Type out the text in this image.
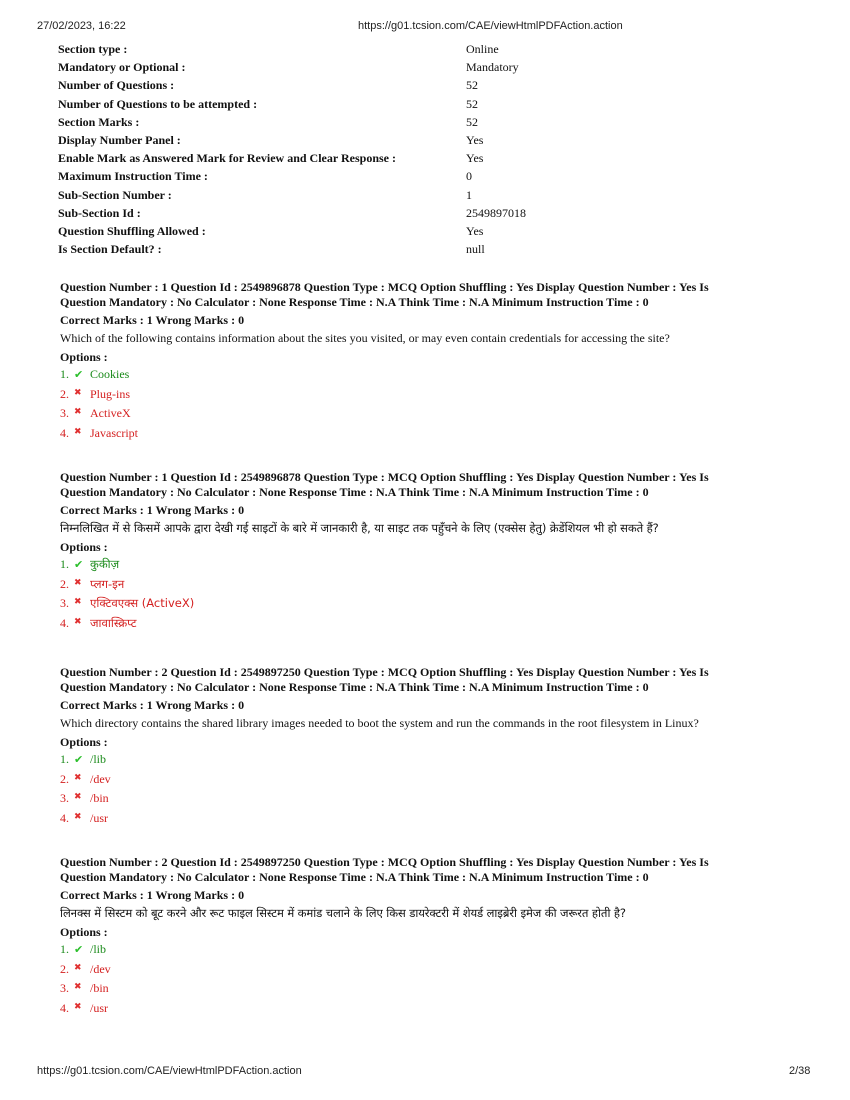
27/02/2023, 16:22	https://g01.tcsion.com/CAE/viewHtmlPDFAction.action
Section type :	Online
Mandatory or Optional :	Mandatory
Number of Questions :	52
Number of Questions to be attempted :	52
Section Marks :	52
Display Number Panel :	Yes
Enable Mark as Answered Mark for Review and Clear Response :	Yes
Maximum Instruction Time :	0
Sub-Section Number :	1
Sub-Section Id :	2549897018
Question Shuffling Allowed :	Yes
Is Section Default? :	null
Question Number : 1 Question Id : 2549896878 Question Type : MCQ Option Shuffling : Yes Display Question Number : Yes Is
Question Mandatory : No Calculator : None Response Time : N.A Think Time : N.A Minimum Instruction Time : 0
Correct Marks : 1 Wrong Marks : 0
Which of the following contains information about the sites you visited, or may even contain credentials for accessing the site?
Options :
1. ✔ Cookies
2. ✖ Plug-ins
3. ✖ ActiveX
4. ✖ Javascript
Question Number : 1 Question Id : 2549896878 Question Type : MCQ Option Shuffling : Yes Display Question Number : Yes Is
Question Mandatory : No Calculator : None Response Time : N.A Think Time : N.A Minimum Instruction Time : 0
Correct Marks : 1 Wrong Marks : 0
निम्नलिखित में से किसमें आपके द्वारा देखी गई साइटों के बारे में जानकारी है, या साइट तक पहुँचने के लिए (एक्सेस हेतु) क्रेडेंशियल भी हो सकते हैं?
Options :
1. ✔ कुकीज़
2. ✖ प्लग-इन
3. ✖ एक्टिवएक्स (ActiveX)
4. ✖ जावास्क्रिप्ट
Question Number : 2 Question Id : 2549897250 Question Type : MCQ Option Shuffling : Yes Display Question Number : Yes Is
Question Mandatory : No Calculator : None Response Time : N.A Think Time : N.A Minimum Instruction Time : 0
Correct Marks : 1 Wrong Marks : 0
Which directory contains the shared library images needed to boot the system and run the commands in the root filesystem in Linux?
Options :
1. ✔ /lib
2. ✖ /dev
3. ✖ /bin
4. ✖ /usr
Question Number : 2 Question Id : 2549897250 Question Type : MCQ Option Shuffling : Yes Display Question Number : Yes Is
Question Mandatory : No Calculator : None Response Time : N.A Think Time : N.A Minimum Instruction Time : 0
Correct Marks : 1 Wrong Marks : 0
लिनक्स में सिस्टम को बूट करने और रूट फाइल सिस्टम में कमांड चलाने के लिए किस डायरेक्टरी में शेयर्ड लाइब्रेरी इमेज की जरूरत होती है?
Options :
1. ✔ /lib
2. ✖ /dev
3. ✖ /bin
4. ✖ /usr
https://g01.tcsion.com/CAE/viewHtmlPDFAction.action	2/38
